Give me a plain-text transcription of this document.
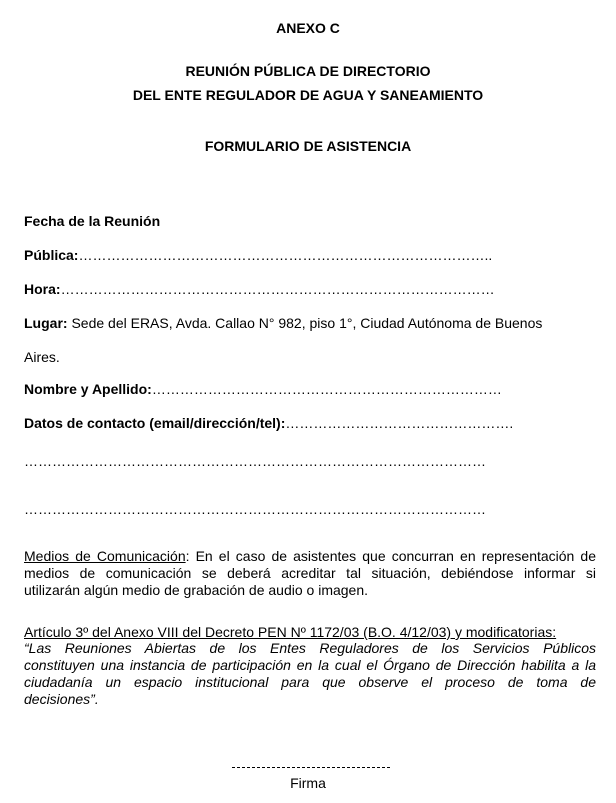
ANEXO C
REUNIÓN PÚBLICA DE DIRECTORIO
DEL ENTE REGULADOR DE AGUA Y SANEAMIENTO
FORMULARIO DE ASISTENCIA
Fecha de la Reunión
Pública:……………………………………………………………………………..
Hora:…………………………………………………………………………………
Lugar: Sede del ERAS, Avda. Callao N° 982, piso 1°, Ciudad Autónoma de Buenos
Aires.
Nombre y Apellido:…………………………………………………………………
Datos de contacto (email/dirección/tel):………………………………………….
………………………………………………………………………………………
………………………………………………………………………………………
Medios de Comunicación: En el caso de asistentes que concurran en representación de
medios de comunicación se deberá acreditar tal situación, debiéndose informar si
utilizarán algún medio de grabación de audio o imagen.
Artículo 3º del Anexo VIII del Decreto PEN Nº 1172/03 (B.O. 4/12/03) y modificatorias:
“Las Reuniones Abiertas de los Entes Reguladores de los Servicios Públicos
constituyen una instancia de participación en la cual el Órgano de Dirección habilita a la
ciudadanía un espacio institucional para que observe el proceso de toma de
decisiones”.
Firma
